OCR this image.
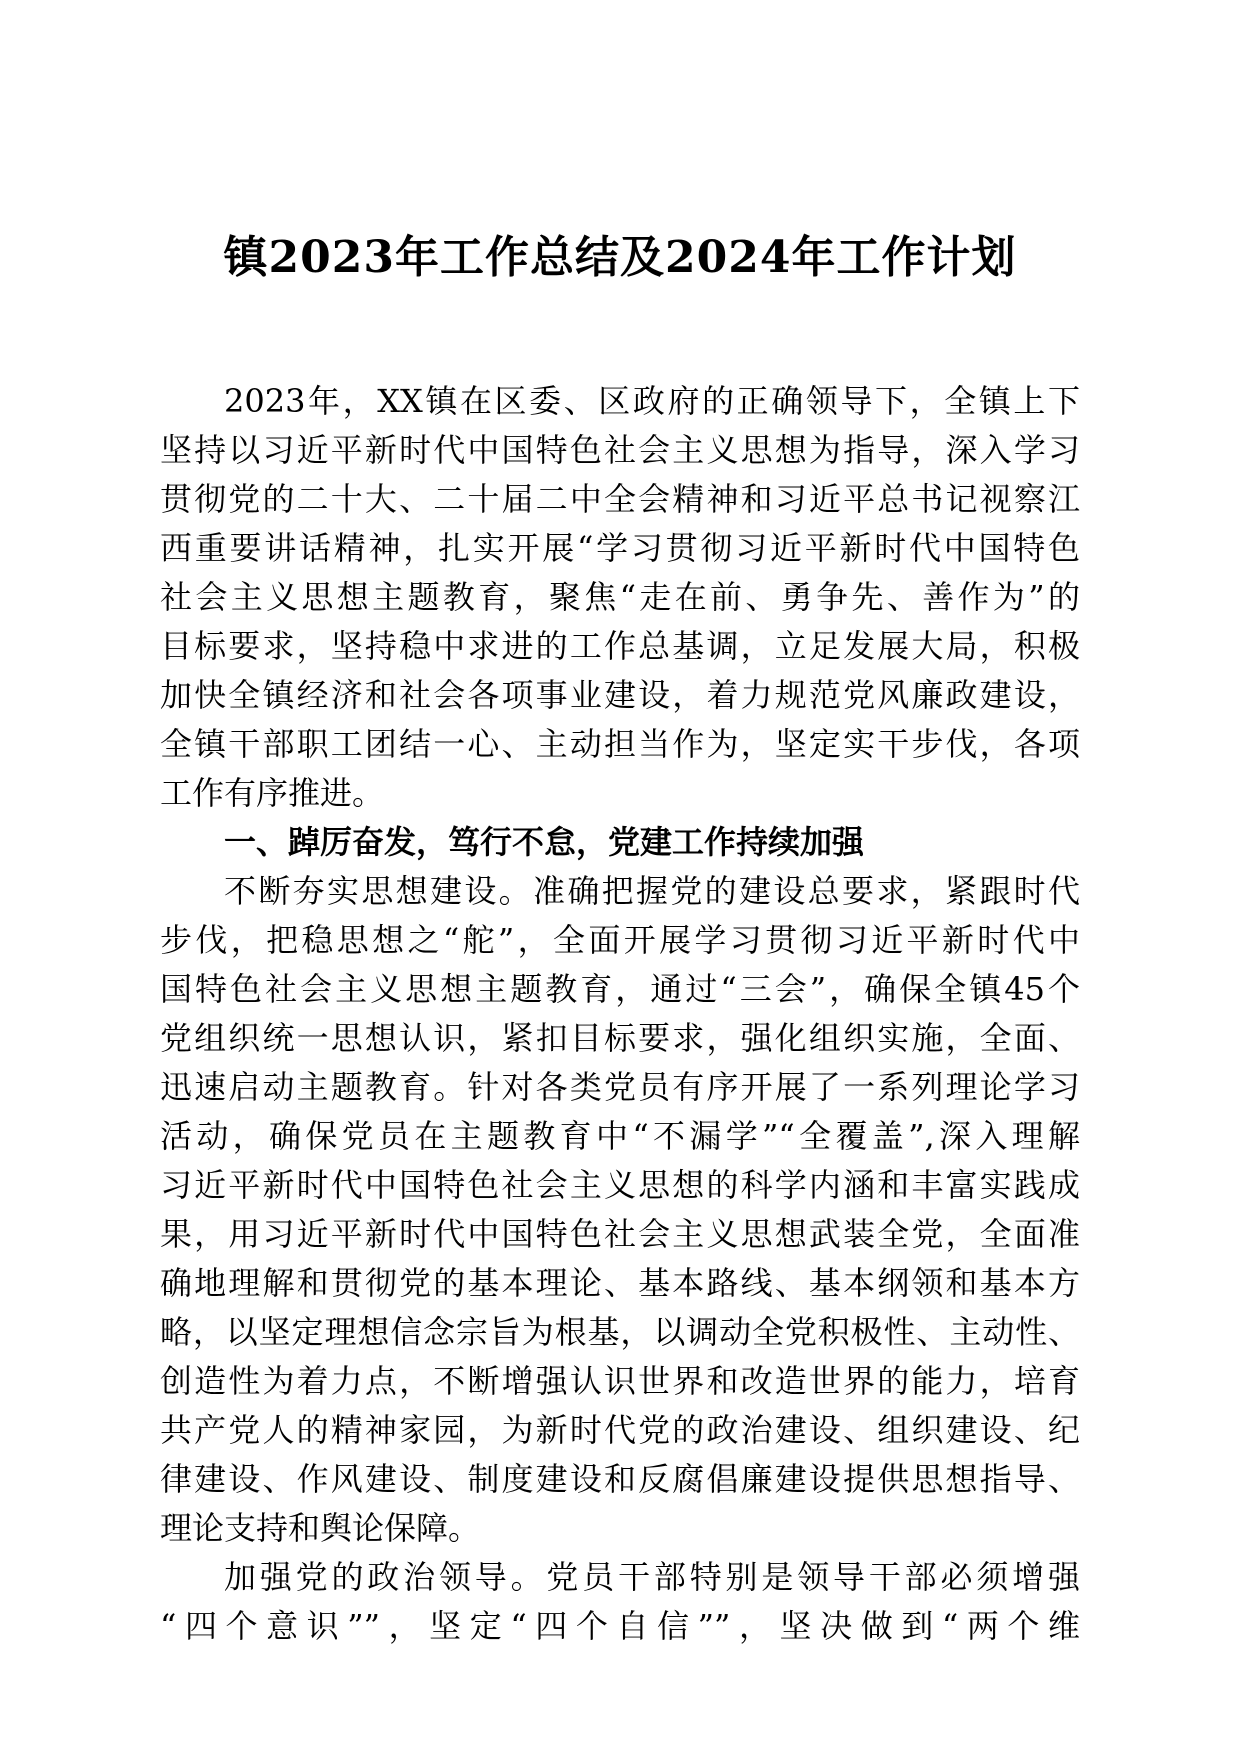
镇2023年工作总结及2024年工作计划
2023年，XX镇在区委、区政府的正确领导下，全镇上下
坚持以习近平新时代中国特色社会主义思想为指导，深入学习
贯彻党的二十大、二十届二中全会精神和习近平总书记视察江
西重要讲话精神，扎实开展“学习贯彻习近平新时代中国特色
社会主义思想主题教育，聚焦“走在前、勇争先、善作为”的
目标要求，坚持稳中求进的工作总基调，立足发展大局，积极
加快全镇经济和社会各项事业建设，着力规范党风廉政建设，
全镇干部职工团结一心、主动担当作为，坚定实干步伐，各项
工作有序推进。
一、踔厉奋发，笃行不怠，党建工作持续加强
不断夯实思想建设。准确把握党的建设总要求，紧跟时代
步伐，把稳思想之“舵”，全面开展学习贯彻习近平新时代中
国特色社会主义思想主题教育，通过“三会”，确保全镇45个
党组织统一思想认识，紧扣目标要求，强化组织实施，全面、
迅速启动主题教育。针对各类党员有序开展了一系列理论学习
活动，确保党员在主题教育中“不漏学”“全覆盖”,深入理解
习近平新时代中国特色社会主义思想的科学内涵和丰富实践成
果，用习近平新时代中国特色社会主义思想武装全党，全面准
确地理解和贯彻党的基本理论、基本路线、基本纲领和基本方
略，以坚定理想信念宗旨为根基，以调动全党积极性、主动性、
创造性为着力点，不断增强认识世界和改造世界的能力，培育
共产党人的精神家园，为新时代党的政治建设、组织建设、纪
律建设、作风建设、制度建设和反腐倡廉建设提供思想指导、
理论支持和舆论保障。
加强党的政治领导。党员干部特别是领导干部必须增强
“四个意识””，坚定“四个自信””，坚决做到“两个维
